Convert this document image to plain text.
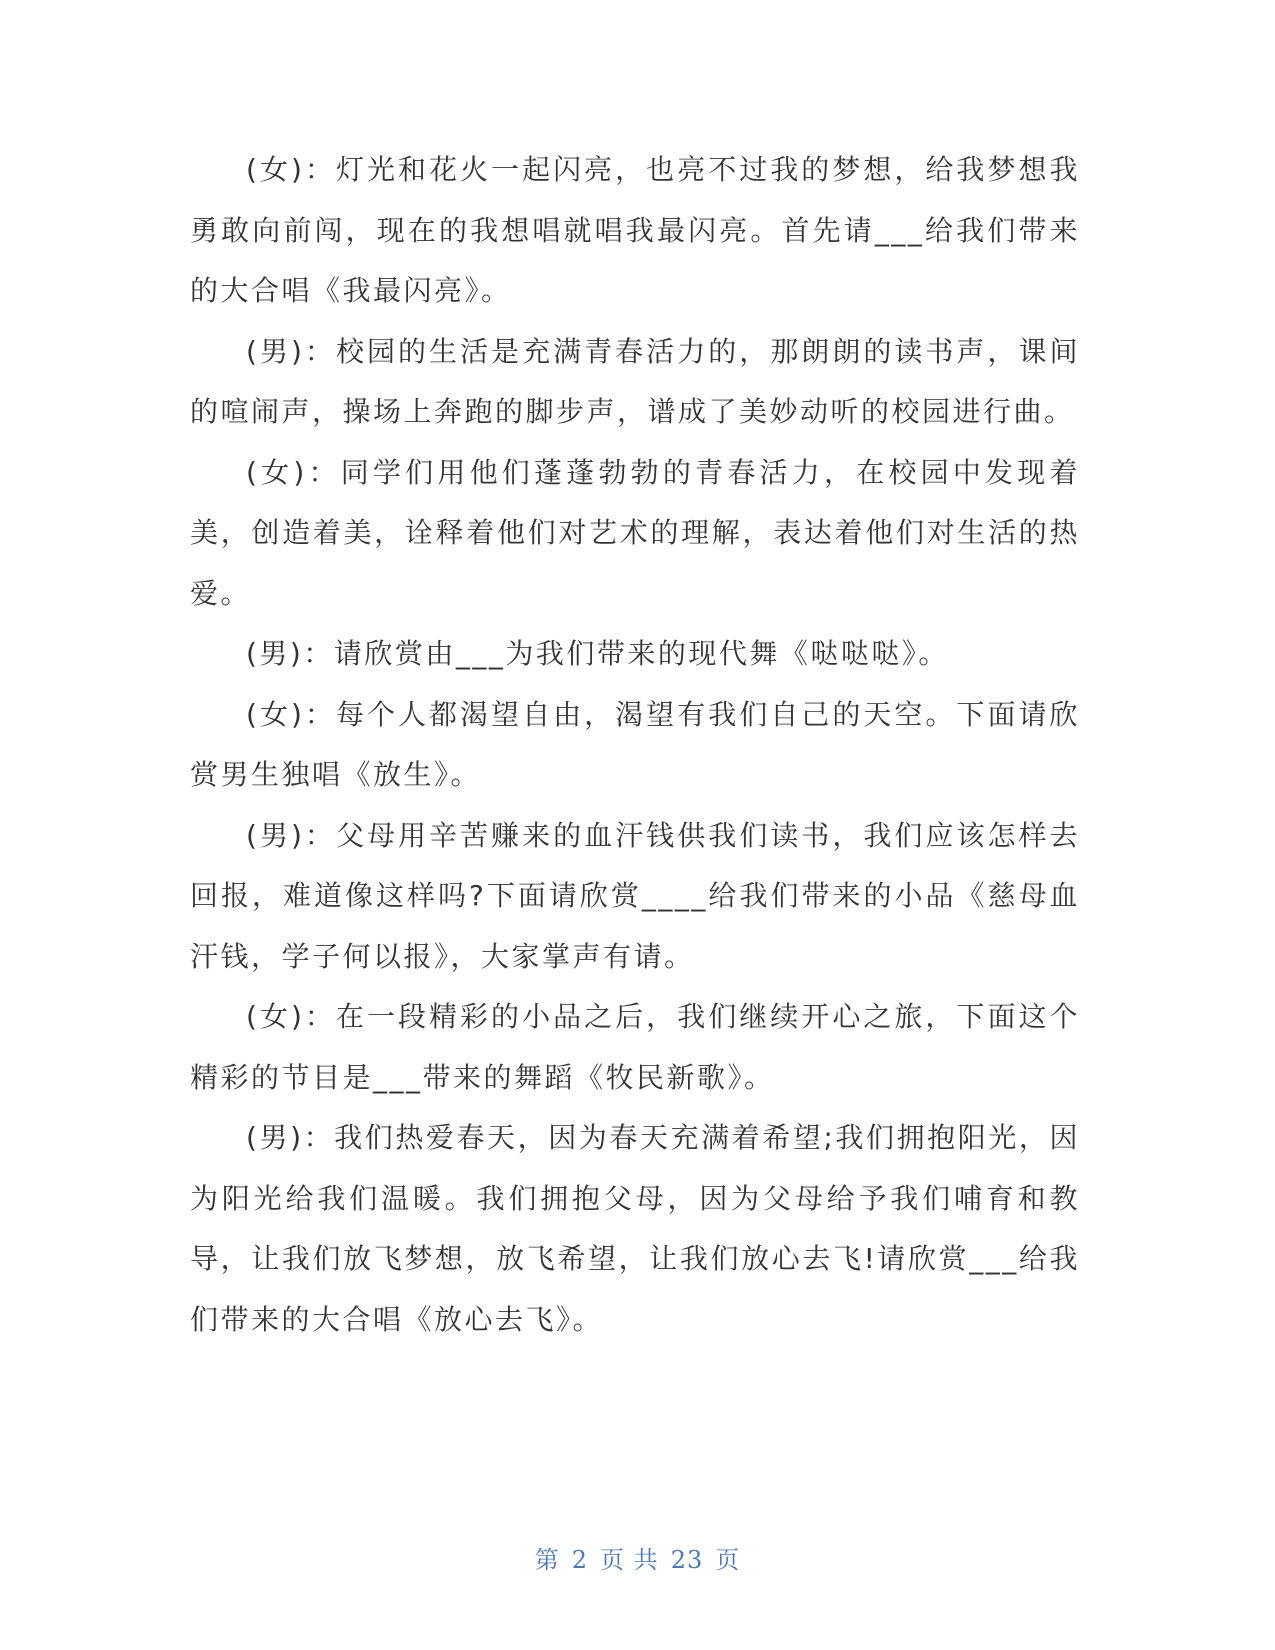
(女)：灯光和花火一起闪亮，也亮不过我的梦想，给我梦想我勇敢向前闯，现在的我想唱就唱我最闪亮。首先请___给我们带来的大合唱《我最闪亮》。

(男)：校园的生活是充满青春活力的，那朗朗的读书声，课间的喧闹声，操场上奔跑的脚步声，谱成了美妙动听的校园进行曲。

(女)：同学们用他们蓬蓬勃勃的青春活力，在校园中发现着美，创造着美，诠释着他们对艺术的理解，表达着他们对生活的热爱。

(男)：请欣赏由___为我们带来的现代舞《哒哒哒》。

(女)：每个人都渴望自由，渴望有我们自己的天空。下面请欣赏男生独唱《放生》。

(男)：父母用辛苦赚来的血汗钱供我们读书，我们应该怎样去回报，难道像这样吗?下面请欣赏____给我们带来的小品《慈母血汗钱，学子何以报》，大家掌声有请。

(女)：在一段精彩的小品之后，我们继续开心之旅，下面这个精彩的节目是___带来的舞蹈《牧民新歌》。

(男)：我们热爱春天，因为春天充满着希望;我们拥抱阳光，因为阳光给我们温暖。我们拥抱父母，因为父母给予我们哺育和教导，让我们放飞梦想，放飞希望，让我们放心去飞!请欣赏___给我们带来的大合唱《放心去飞》。

第 2 页 共 23 页
